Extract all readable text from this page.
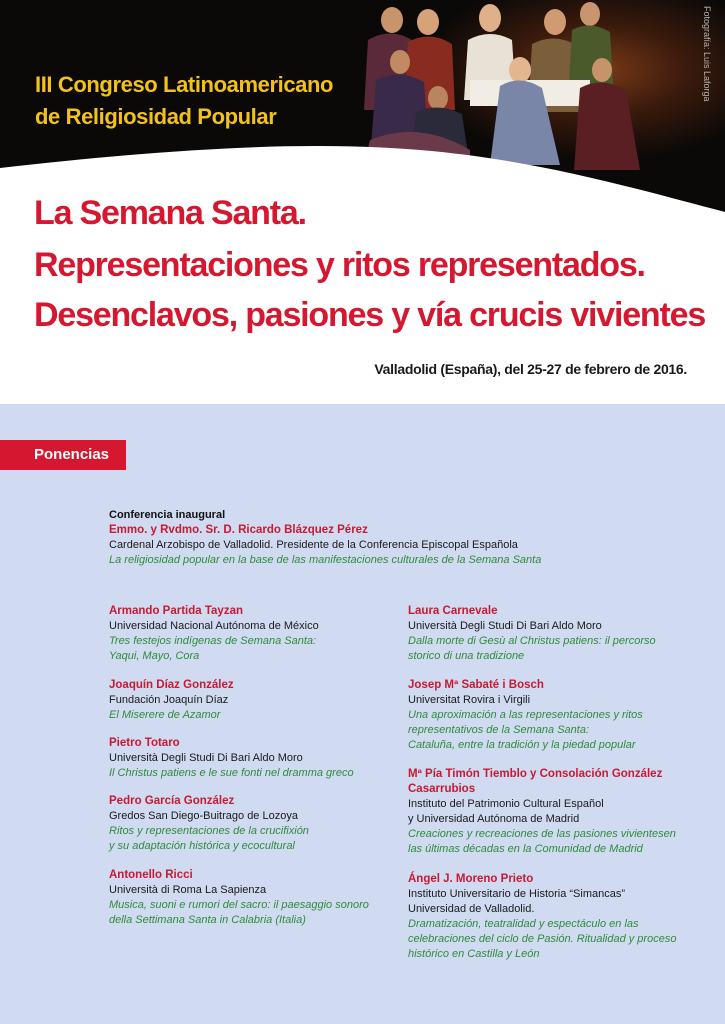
III Congreso Latinoamericano
de Religiosidad Popular
Fotografía: Luis Laforga
La Semana Santa.
Representaciones y ritos representados.
Desenclavos, pasiones y vía crucis vivientes
Valladolid (España), del 25-27 de febrero de 2016.
Ponencias
Conferencia inaugural
Emmo. y Rvdmo. Sr. D. Ricardo Blázquez Pérez
Cardenal Arzobispo de Valladolid. Presidente de la Conferencia Episcopal Española
La religiosidad popular en la base de las manifestaciones culturales de la Semana Santa
Armando Partida Tayzan
Universidad Nacional Autónoma de México
Tres festejos indígenas de Semana Santa:
Yaqui, Mayo, Cora
Joaquín Díaz González
Fundación Joaquín Díaz
El Miserere de Azamor
Pietro Totaro
Università Degli Studi Di Bari Aldo Moro
Il Christus patiens e le sue fonti nel dramma greco
Pedro García González
Gredos San Diego-Buitrago de Lozoya
Ritos y representaciones de la crucifixión
y su adaptación histórica y ecocultural
Antonello Ricci
Università di Roma La Sapienza
Musica, suoni e rumori del sacro: il paesaggio sonoro
della Settimana Santa in Calabria (Italia)
Laura Carnevale
Università Degli Studi Di Bari Aldo Moro
Dalla morte di Gesù al Christus patiens: il percorso
storico di una tradizione
Josep Mª Sabaté i Bosch
Universitat Rovira i Virgili
Una aproximación a las representaciones y ritos
representativos de la Semana Santa:
Cataluña, entre la tradición y la piedad popular
Mª Pía Timón Tiemblo y Consolación González
Casarrubios
Instituto del Patrimonio Cultural Español
y Universidad Autónoma de Madrid
Creaciones y recreaciones de las pasiones vivientesen
las últimas décadas en la Comunidad de Madrid
Ángel J. Moreno Prieto
Instituto Universitario de Historia “Simancas”
Universidad de Valladolid.
Dramatización, teatralidad y espectáculo en las
celebraciones del ciclo de Pasión. Ritualidad y proceso
histórico en Castilla y León
